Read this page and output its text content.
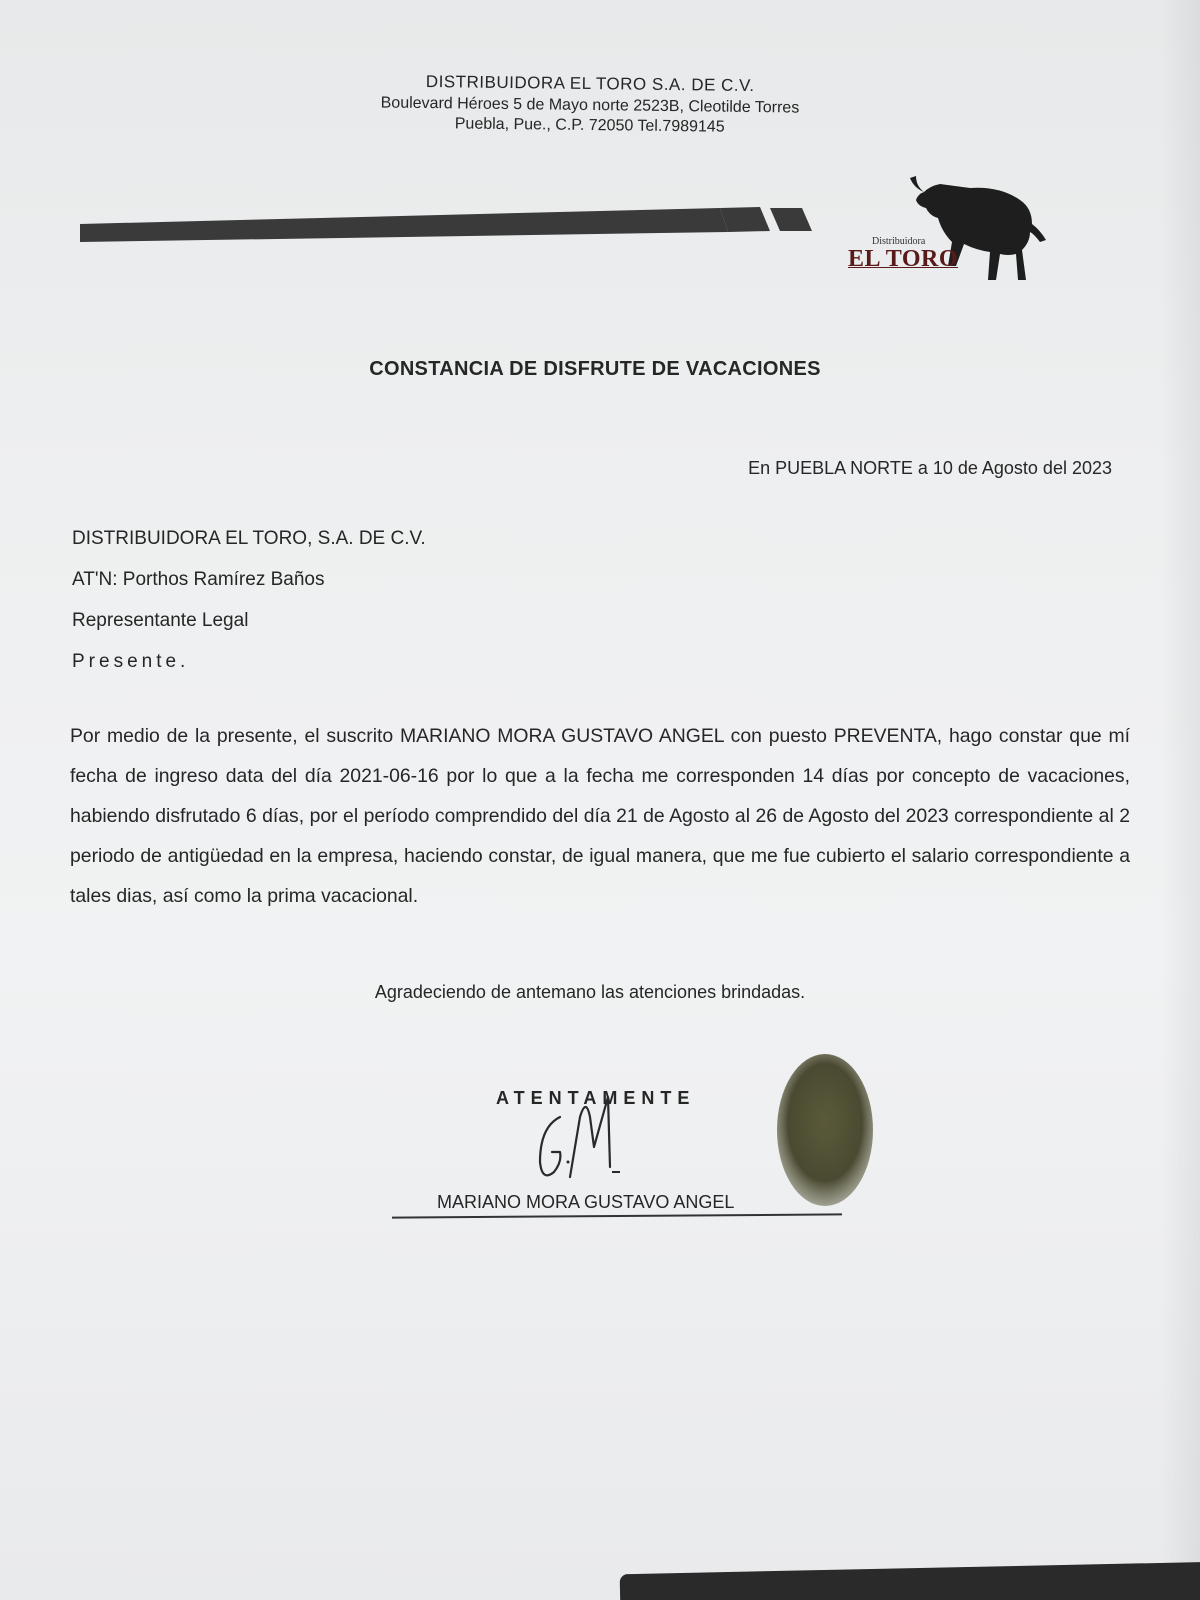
DISTRIBUIDORA EL TORO S.A. DE C.V.

Boulevard Héroes 5 de Mayo norte 2523B, Cleotilde Torres

Puebla, Pue., C.P. 72050 Tel.7989145

Distribuidora
EL TORO
CONSTANCIA DE DISFRUTE DE VACACIONES

En PUEBLA NORTE a 10 de Agosto del 2023

DISTRIBUIDORA EL TORO, S.A. DE C.V.

AT'N: Porthos Ramírez Baños

Representante Legal

Presente.

Por medio de la presente, el suscrito MARIANO MORA GUSTAVO ANGEL con puesto PREVENTA, hago constar que mí fecha de ingreso data del día 2021-06-16 por lo que a la fecha me corresponden 14 días por concepto de vacaciones, habiendo disfrutado 6 días, por el período comprendido del día 21 de Agosto al 26 de Agosto del 2023 correspondiente al 2 periodo de antigüedad en la empresa, haciendo constar, de igual manera, que me fue cubierto el salario correspondiente a tales dias, así como la prima vacacional.

Agradeciendo de antemano las atenciones brindadas.

ATENTAMENTE

MARIANO MORA GUSTAVO ANGEL
